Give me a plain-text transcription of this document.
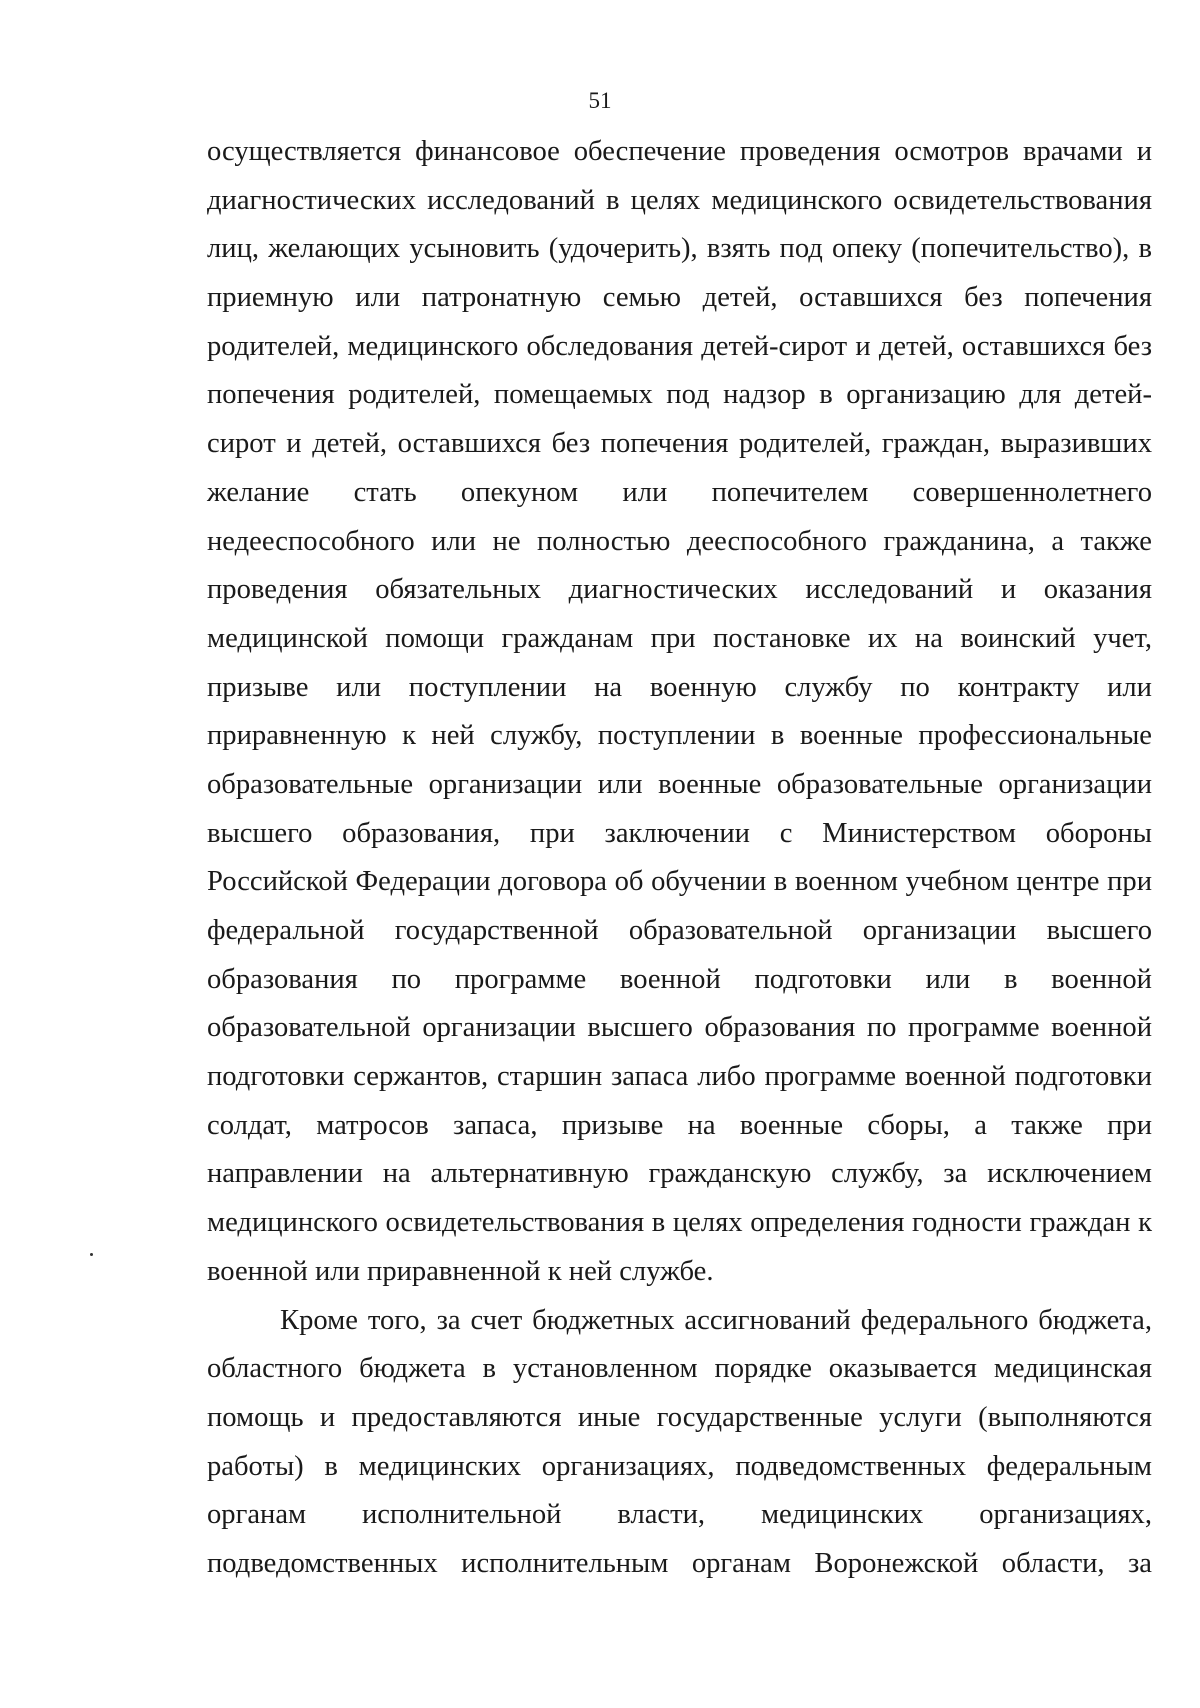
51
осуществляется финансовое обеспечение проведения осмотров врачами и
диагностических исследований в целях медицинского освидетельствования
лиц, желающих усыновить (удочерить), взять под опеку (попечительство), в
приемную или патронатную семью детей, оставшихся без попечения
родителей, медицинского обследования детей-сирот и детей, оставшихся без
попечения родителей, помещаемых под надзор в организацию для детей-
сирот и детей, оставшихся без попечения родителей, граждан, выразивших
желание стать опекуном или попечителем совершеннолетнего
недееспособного или не полностью дееспособного гражданина, а также
проведения обязательных диагностических исследований и оказания
медицинской помощи гражданам при постановке их на воинский учет,
призыве или поступлении на военную службу по контракту или
приравненную к ней службу, поступлении в военные профессиональные
образовательные организации или военные образовательные организации
высшего образования, при заключении с Министерством обороны
Российской Федерации договора об обучении в военном учебном центре при
федеральной государственной образовательной организации высшего
образования по программе военной подготовки или в военной
образовательной организации высшего образования по программе военной
подготовки сержантов, старшин запаса либо программе военной подготовки
солдат, матросов запаса, призыве на военные сборы, а также при
направлении на альтернативную гражданскую службу, за исключением
медицинского освидетельствования в целях определения годности граждан к
военной или приравненной к ней службе.
Кроме того, за счет бюджетных ассигнований федерального бюджета,
областного бюджета в установленном порядке оказывается медицинская
помощь и предоставляются иные государственные услуги (выполняются
работы) в медицинских организациях, подведомственных федеральным
органам исполнительной власти, медицинских организациях,
подведомственных исполнительным органам Воронежской области, за
